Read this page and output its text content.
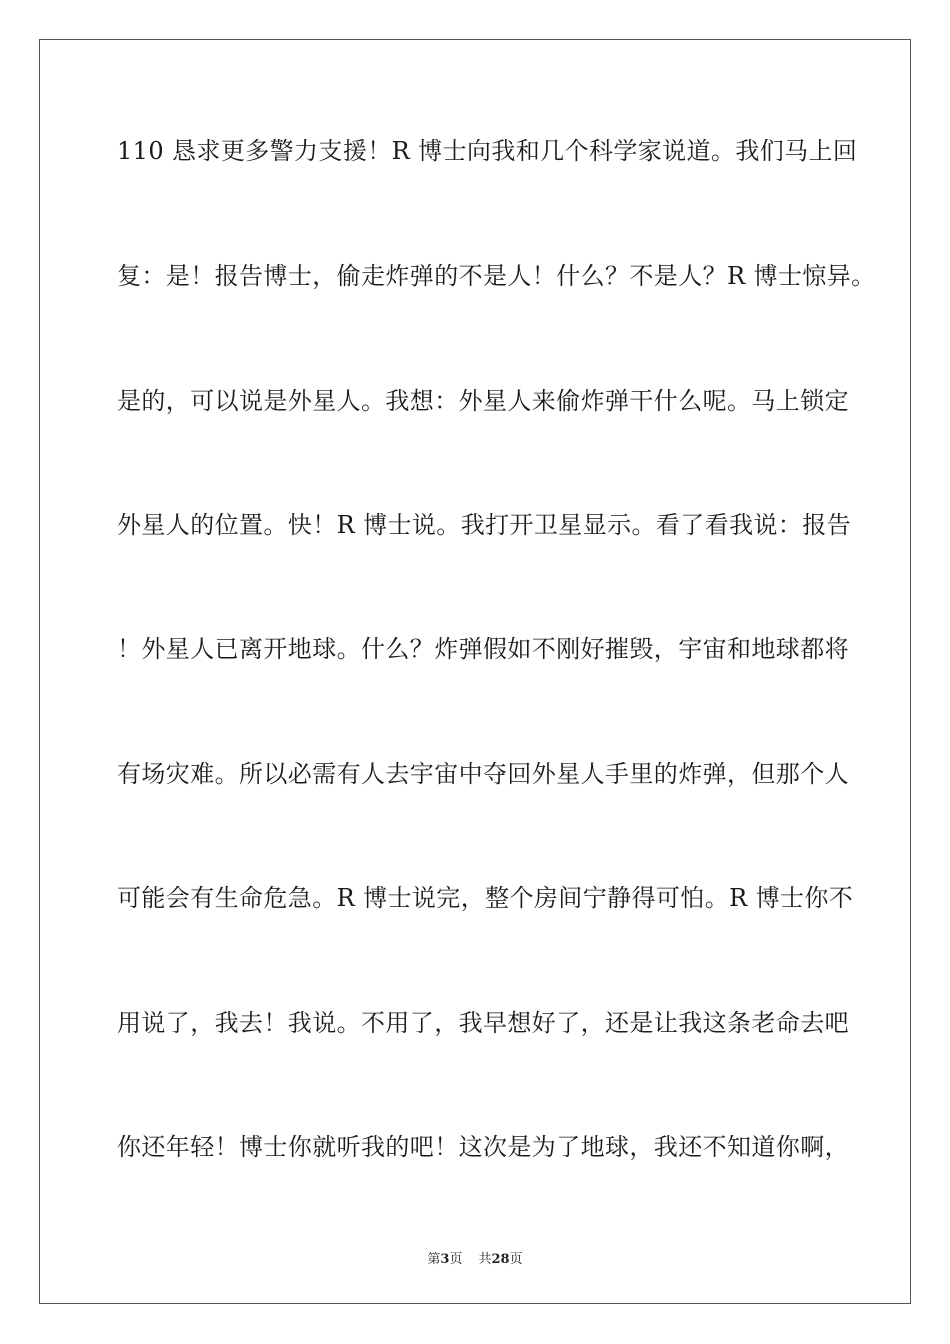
110 恳求更多警力支援！R 博士向我和几个科学家说道。我们马上回
复：是！报告博士，偷走炸弹的不是人！什么？不是人？R 博士惊异。
是的，可以说是外星人。我想：外星人来偷炸弹干什么呢。马上锁定
外星人的位置。快！R 博士说。我打开卫星显示。看了看我说：报告
！外星人已离开地球。什么？炸弹假如不刚好摧毁，宇宙和地球都将
有场灾难。所以必需有人去宇宙中夺回外星人手里的炸弹，但那个人
可能会有生命危急。R 博士说完，整个房间宁静得可怕。R 博士你不
用说了，我去！我说。不用了，我早想好了，还是让我这条老命去吧
你还年轻！博士你就听我的吧！这次是为了地球，我还不知道你啊，
第3页 共28页
